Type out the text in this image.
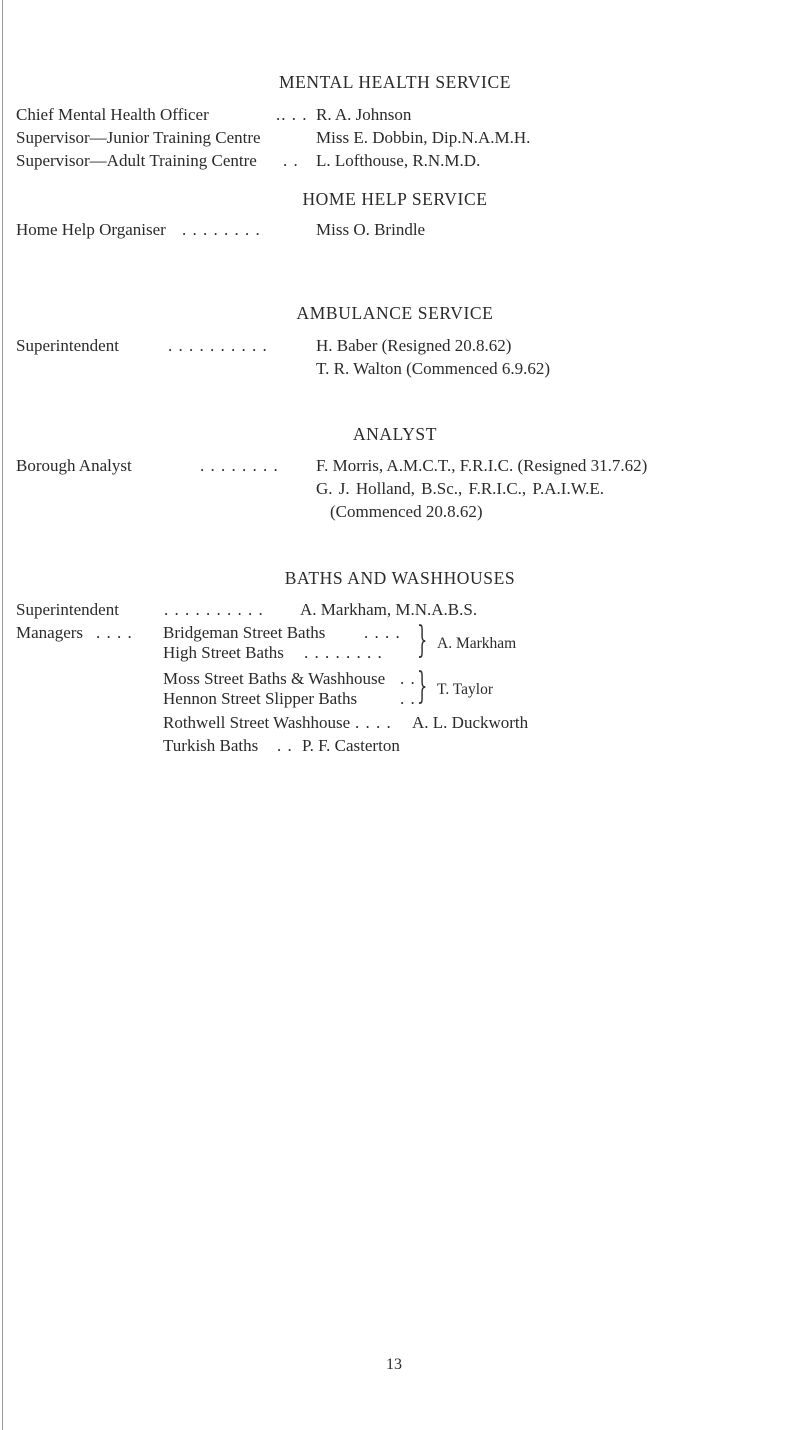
MENTAL HEALTH SERVICE
Chief Mental Health Officer	.. . . R. A. Johnson
Supervisor—Junior Training Centre	Miss E. Dobbin, Dip.N.A.M.H.
Supervisor—Adult Training Centre . . L. Lofthouse, R.N.M.D.
HOME HELP SERVICE
Home Help Organiser . . . . . . . .	Miss O. Brindle
AMBULANCE SERVICE
Superintendent	. . . . . . . . . .	H. Baber (Resigned 20.8.62)
T. R. Walton (Commenced 6.9.62)
ANALYST
Borough Analyst	. . . . . . . . F. Morris, A.M.C.T., F.R.I.C. (Resigned 31.7.62)
G. J. Holland, B.Sc., F.R.I.C., P.A.I.W.E.
(Commenced 20.8.62)
BATHS AND WASHHOUSES
Superintendent	. . . . . . . . . . A. Markham, M.N.A.B.S.
Managers . . . . Bridgeman Street Baths . . . .
High Street Baths . . . . . . . . } A. Markham
Moss Street Baths & Washhouse . .
Hennon Street Slipper Baths	. . } T. Taylor
Rothwell Street Washhouse . . . . A. L. Duckworth
Turkish Baths . . P. F. Casterton
13
